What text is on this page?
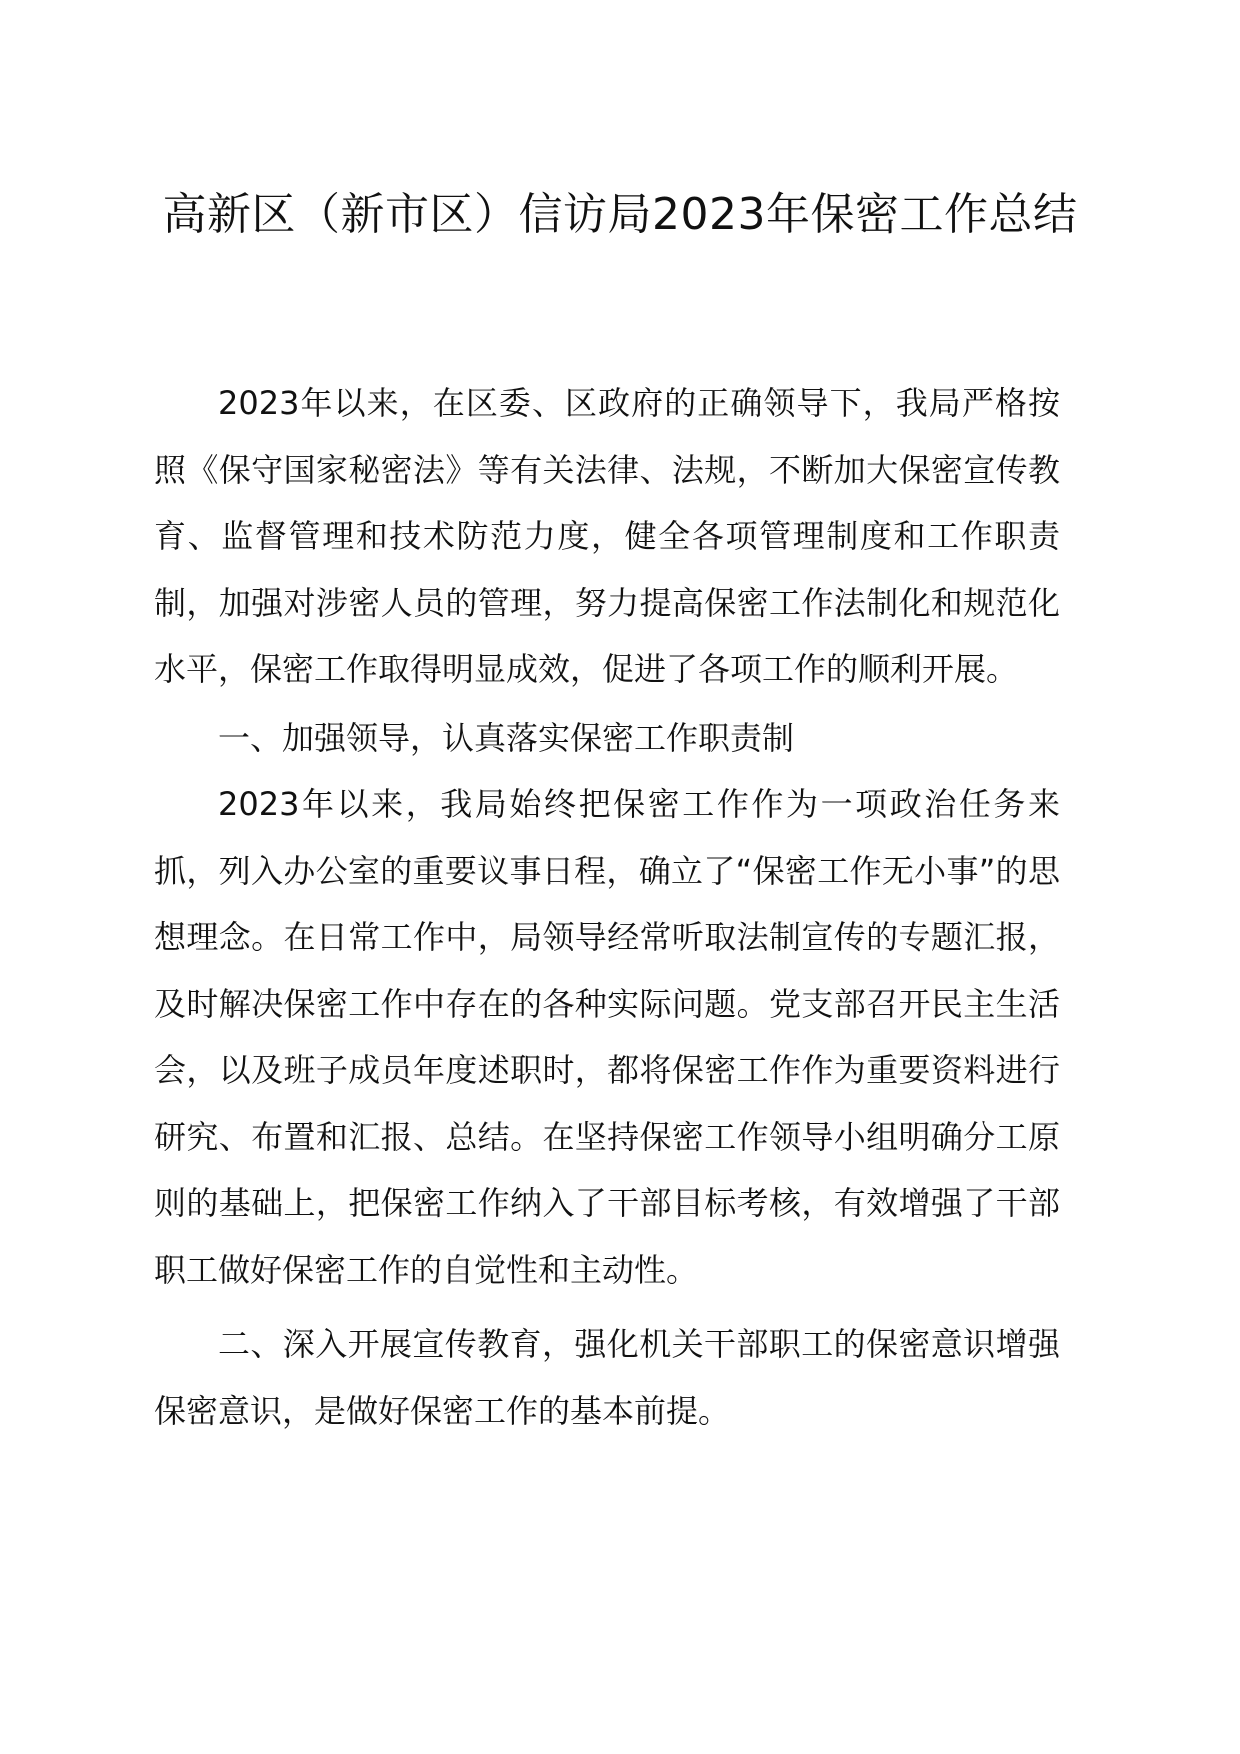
高新区（新市区）信访局2023年保密工作总结

2023年以来，在区委、区政府的正确领导下，我局严格按照《保守国家秘密法》等有关法律、法规，不断加大保密宣传教育、监督管理和技术防范力度，健全各项管理制度和工作职责制，加强对涉密人员的管理，努力提高保密工作法制化和规范化水平，保密工作取得明显成效，促进了各项工作的顺利开展。

一、加强领导，认真落实保密工作职责制

2023年以来，我局始终把保密工作作为一项政治任务来抓，列入办公室的重要议事日程，确立了“保密工作无小事”的思想理念。在日常工作中，局领导经常听取法制宣传的专题汇报，及时解决保密工作中存在的各种实际问题。党支部召开民主生活会，以及班子成员年度述职时，都将保密工作作为重要资料进行研究、布置和汇报、总结。在坚持保密工作领导小组明确分工原则的基础上，把保密工作纳入了干部目标考核，有效增强了干部职工做好保密工作的自觉性和主动性。

二、深入开展宣传教育，强化机关干部职工的保密意识增强保密意识，是做好保密工作的基本前提。
